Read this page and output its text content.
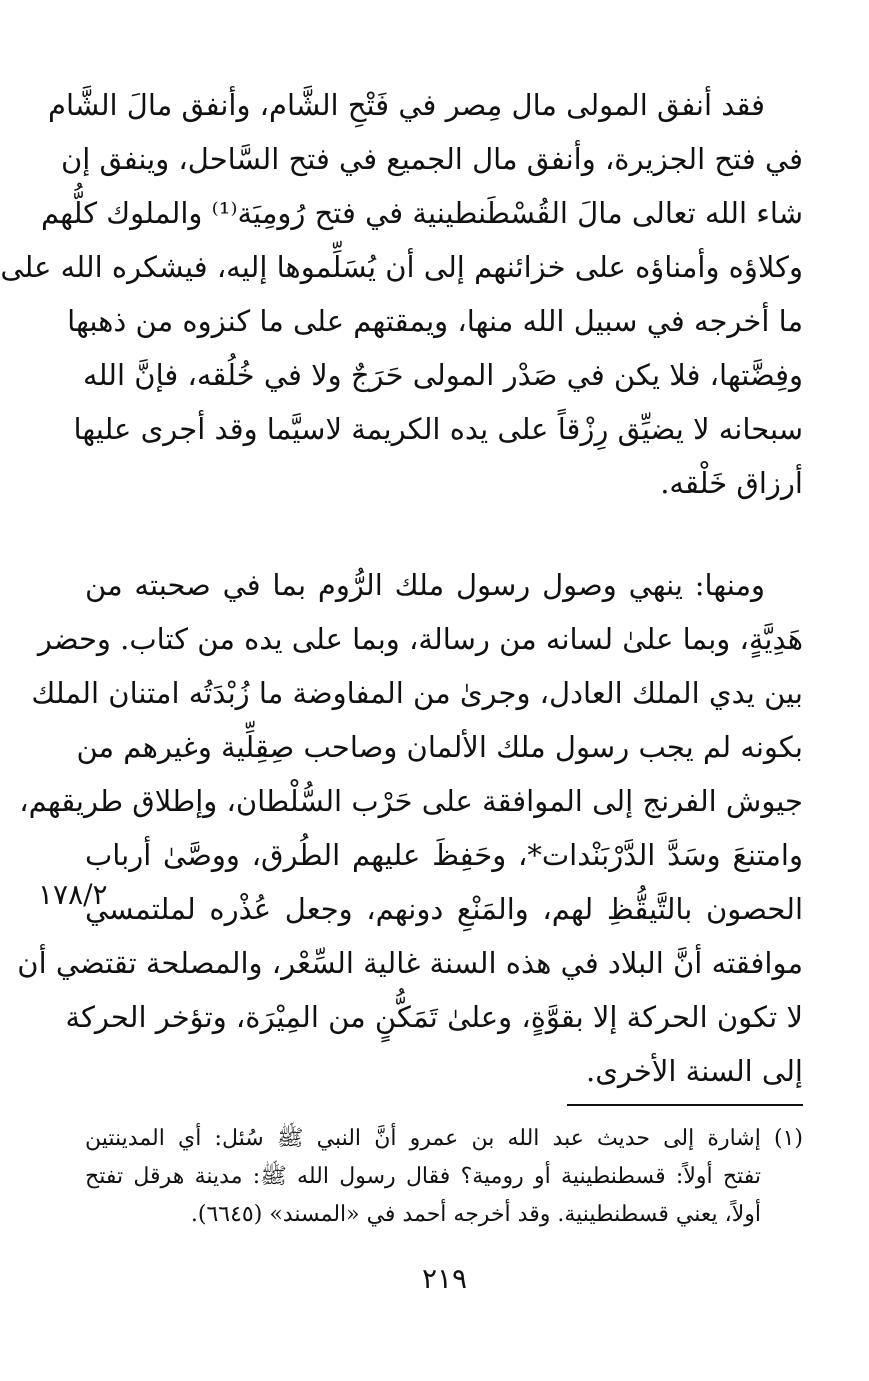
فقد أنفق المولى مال مِصر في فَتْحِ الشَّام، وأنفق مالَ الشَّام
في فتح الجزيرة، وأنفق مال الجميع في فتح السَّاحل، وينفق إن
شاء الله تعالى مالَ القُسْطَنطينية في فتح رُومِيَة⁽¹⁾ والملوك كلُّهم
وكلاؤه وأمناؤه على خزائنهم إلى أن يُسَلِّموها إليه، فيشكره الله على
ما أخرجه في سبيل الله منها، ويمقتهم على ما كنزوه من ذهبها
وفِضَّتها، فلا يكن في صَدْر المولى حَرَجٌ ولا في خُلُقه، فإنَّ الله
سبحانه لا يضيِّق رِزْقاً على يده الكريمة لاسيَّما وقد أجرى عليها
أرزاق خَلْقه.
ومنها: ينهي وصول رسول ملك الرُّوم بما في صحبته من
هَدِيَّةٍ، وبما علىٰ لسانه من رسالة، وبما على يده من كتاب. وحضر
بين يدي الملك العادل، وجرىٰ من المفاوضة ما زُبْدَتُه امتنان الملك
بكونه لم يجب رسول ملك الألمان وصاحب صِقِلِّية وغيرهم من
جيوش الفرنج إلى الموافقة على حَرْب السُّلْطان، وإطلاق طريقهم،
وامتنعَ وسَدَّ الدَّرْبَنْدات*، وحَفِظَ عليهم الطُرق، ووصَّىٰ أرباب
الحصون بالتَّيقُّظِ لهم، والمَنْعِ دونهم، وجعل عُذْره لملتمسي
موافقته أنَّ البلاد في هذه السنة غالية السِّعْر، والمصلحة تقتضي أن
لا تكون الحركة إلا بقوَّةٍ، وعلىٰ تَمَكُّنٍ من المِيْرَة، وتؤخر الحركة
إلى السنة الأخرى.
١٧٨/٢
(١) إشارة إلى حديث عبد الله بن عمرو أنَّ النبي ﷺ سُئل: أي المدينتين
تفتح أولاً: قسطنطينية أو رومية؟ فقال رسول الله ﷺ: مدينة هرقل تفتح
أولاً، يعني قسطنطينية. وقد أخرجه أحمد في «المسند» (٦٦٤٥).
٢١٩
